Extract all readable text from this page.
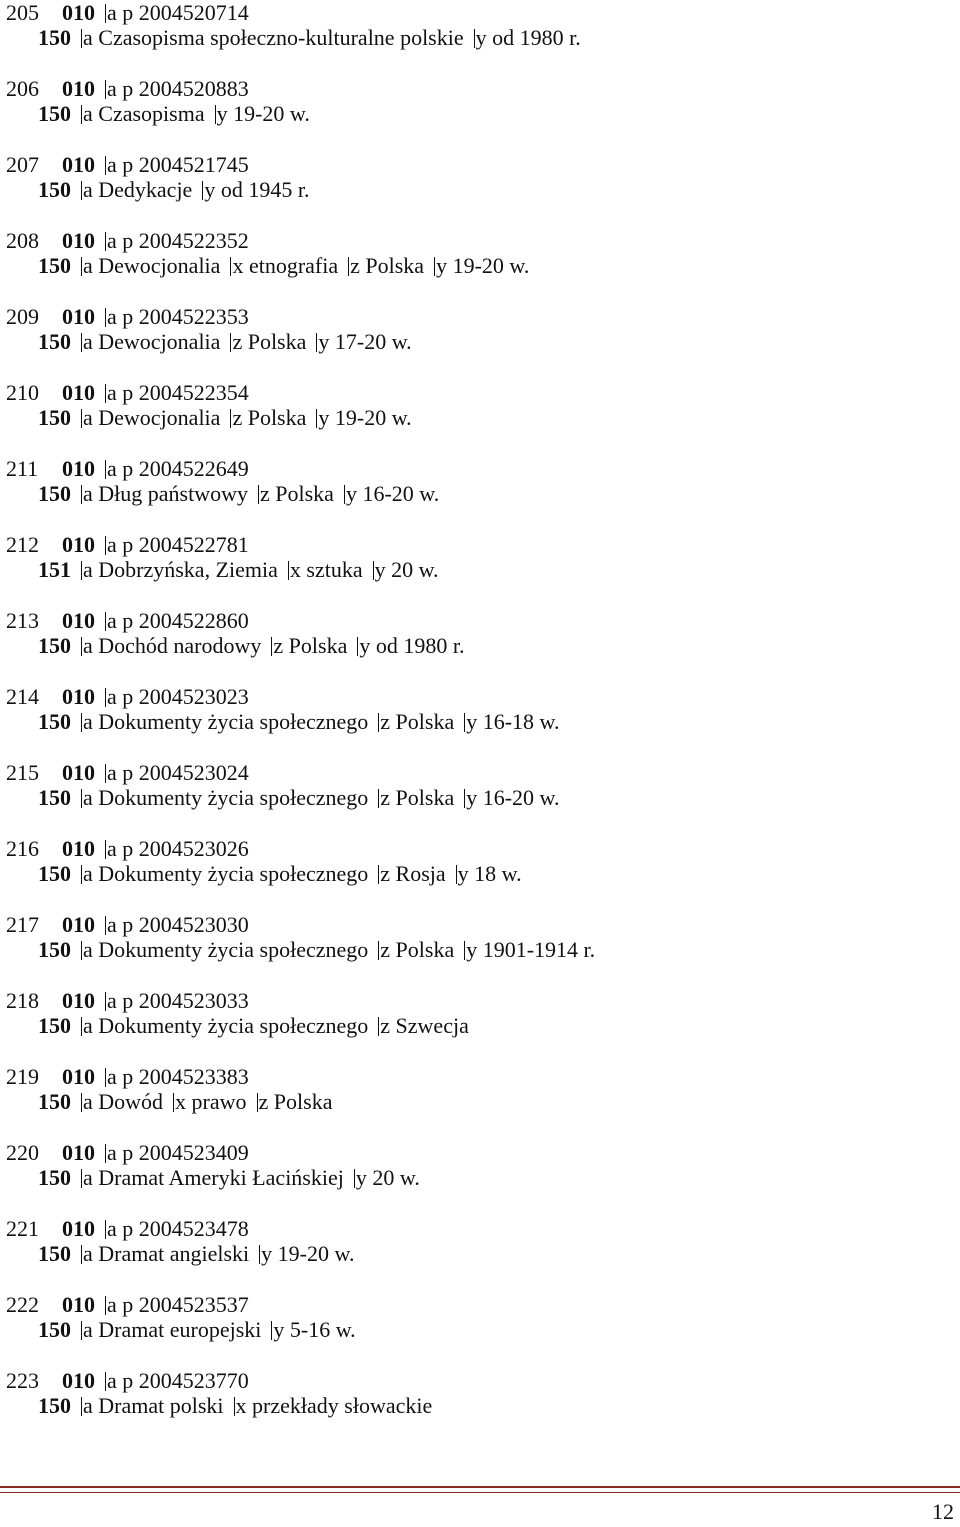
205 010 a p 2004520714
150 a Czasopisma społeczno-kulturalne polskie y od 1980 r.
206 010 a p 2004520883
150 a Czasopisma y 19-20 w.
207 010 a p 2004521745
150 a Dedykacje y od 1945 r.
208 010 a p 2004522352
150 a Dewocjonalia x etnografia z Polska y 19-20 w.
209 010 a p 2004522353
150 a Dewocjonalia z Polska y 17-20 w.
210 010 a p 2004522354
150 a Dewocjonalia z Polska y 19-20 w.
211 010 a p 2004522649
150 a Dług państwowy z Polska y 16-20 w.
212 010 a p 2004522781
151 a Dobrzyńska, Ziemia x sztuka y 20 w.
213 010 a p 2004522860
150 a Dochód narodowy z Polska y od 1980 r.
214 010 a p 2004523023
150 a Dokumenty życia społecznego z Polska y 16-18 w.
215 010 a p 2004523024
150 a Dokumenty życia społecznego z Polska y 16-20 w.
216 010 a p 2004523026
150 a Dokumenty życia społecznego z Rosja y 18 w.
217 010 a p 2004523030
150 a Dokumenty życia społecznego z Polska y 1901-1914 r.
218 010 a p 2004523033
150 a Dokumenty życia społecznego z Szwecja
219 010 a p 2004523383
150 a Dowód x prawo z Polska
220 010 a p 2004523409
150 a Dramat Ameryki Łacińskiej y 20 w.
221 010 a p 2004523478
150 a Dramat angielski y 19-20 w.
222 010 a p 2004523537
150 a Dramat europejski y 5-16 w.
223 010 a p 2004523770
150 a Dramat polski x przekłady słowackie
12
